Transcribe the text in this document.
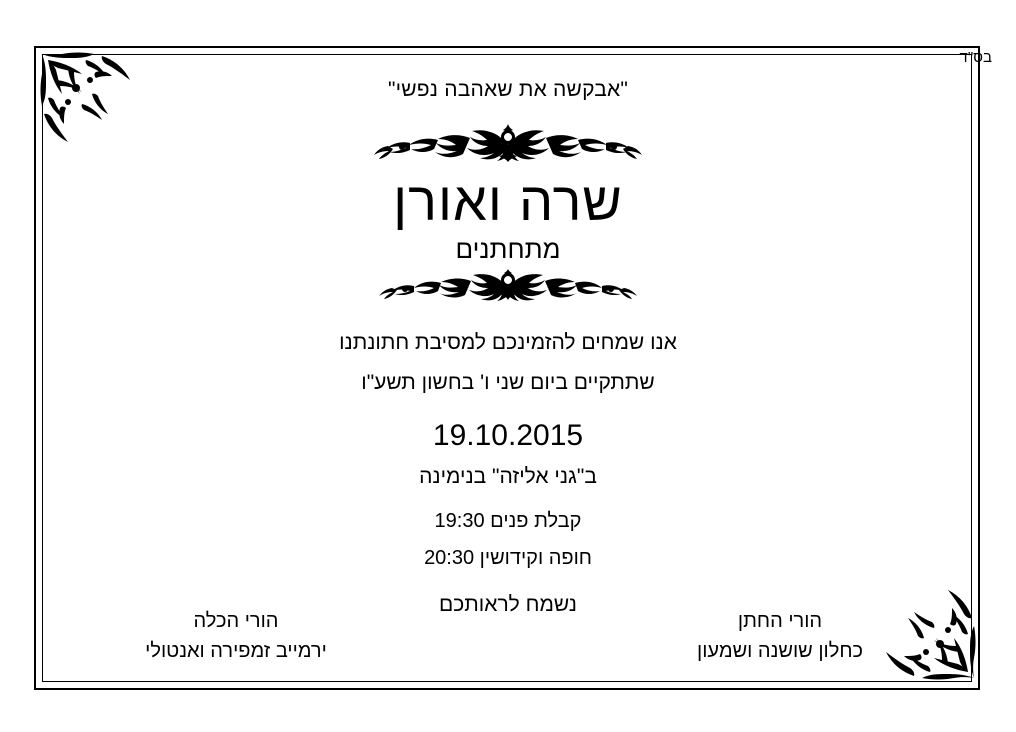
בס"ד
"אבקשה את שאהבה נפשי"
שרה ואורן
מתחתנים
אנו שמחים להזמינכם למסיבת חתונתנו
שתתקיים ביום שני ו' בחשון תשע"ו
19.10.2015
ב"גני אליזה" בנימינה
קבלת פנים 19:30
חופה וקידושין 20:30
נשמח לראותכם
הורי החתן
כחלון שושנה ושמעון
הורי הכלה
ירמייב זמפירה ואנטולי
